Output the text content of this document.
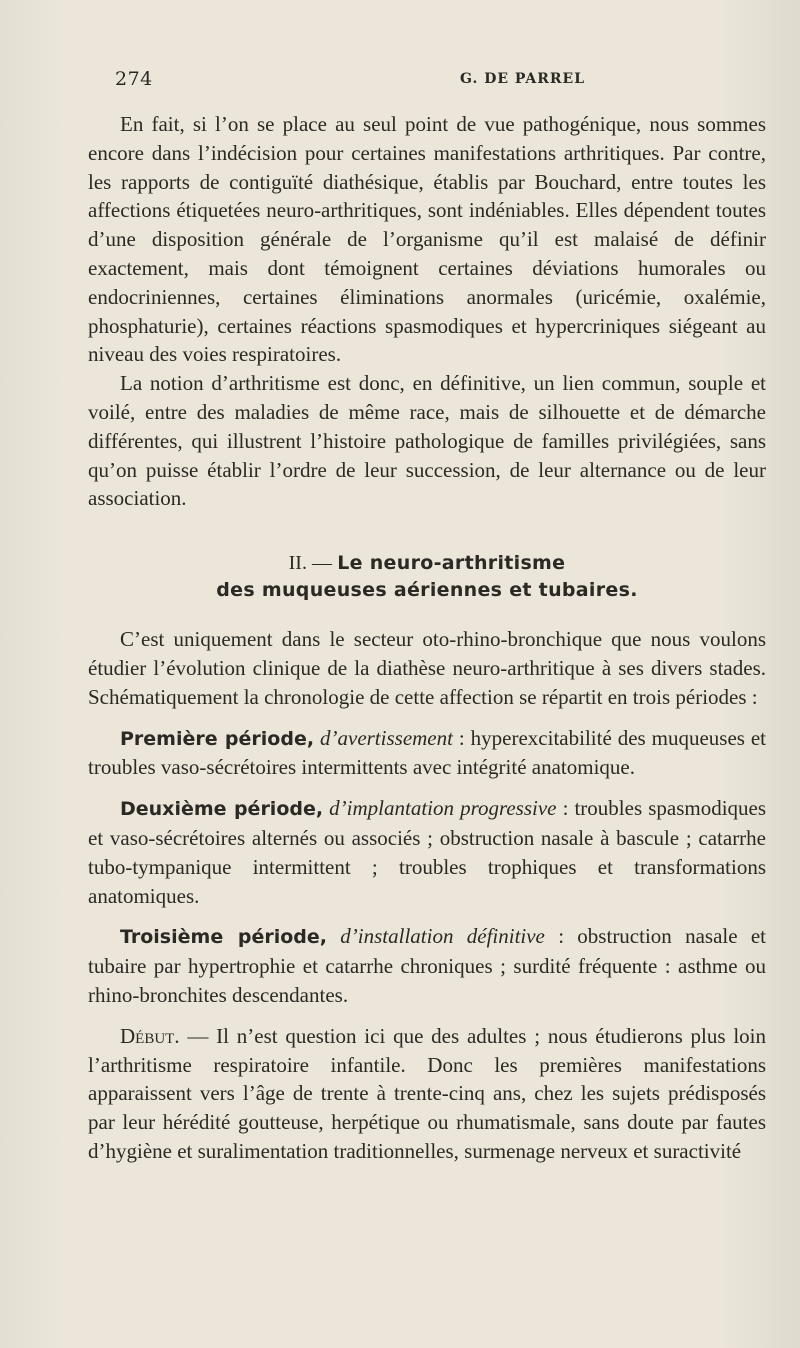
274	G. DE PARREL

En fait, si l’on se place au seul point de vue pathogénique, nous sommes encore dans l’indécision pour certaines manifestations arthritiques. Par contre, les rapports de contiguïté diathésique, établis par Bouchard, entre toutes les affections étiquetées neuro-arthritiques, sont indéniables. Elles dépendent toutes d’une disposition générale de l’organisme qu’il est malaisé de définir exactement, mais dont témoignent certaines déviations humorales ou endocriniennes, certaines éliminations anormales (uricémie, oxalémie, phosphaturie), certaines réactions spasmodiques et hypercriniques siégeant au niveau des voies respiratoires.

La notion d’arthritisme est donc, en définitive, un lien commun, souple et voilé, entre des maladies de même race, mais de silhouette et de démarche différentes, qui illustrent l’histoire pathologique de familles privilégiées, sans qu’on puisse établir l’ordre de leur succession, de leur alternance ou de leur association.

II. — Le neuro-arthritisme
des muqueuses aériennes et tubaires.

C’est uniquement dans le secteur oto-rhino-bronchique que nous voulons étudier l’évolution clinique de la diathèse neuro-arthritique à ses divers stades. Schématiquement la chronologie de cette affection se répartit en trois périodes :

Première période, d’avertissement : hyperexcitabilité des muqueuses et troubles vaso-sécrétoires intermittents avec intégrité anatomique.

Deuxième période, d’implantation progressive : troubles spasmodiques et vaso-sécrétoires alternés ou associés ; obstruction nasale à bascule ; catarrhe tubo-tympanique intermittent ; troubles trophiques et transformations anatomiques.

Troisième période, d’installation définitive : obstruction nasale et tubaire par hypertrophie et catarrhe chroniques ; surdité fréquente : asthme ou rhino-bronchites descendantes.

Début. — Il n’est question ici que des adultes ; nous étudierons plus loin l’arthritisme respiratoire infantile. Donc les premières manifestations apparaissent vers l’âge de trente à trente-cinq ans, chez les sujets prédisposés par leur hérédité goutteuse, herpétique ou rhumatismale, sans doute par fautes d’hygiène et suralimentation traditionnelles, surmenage nerveux et suractivité
